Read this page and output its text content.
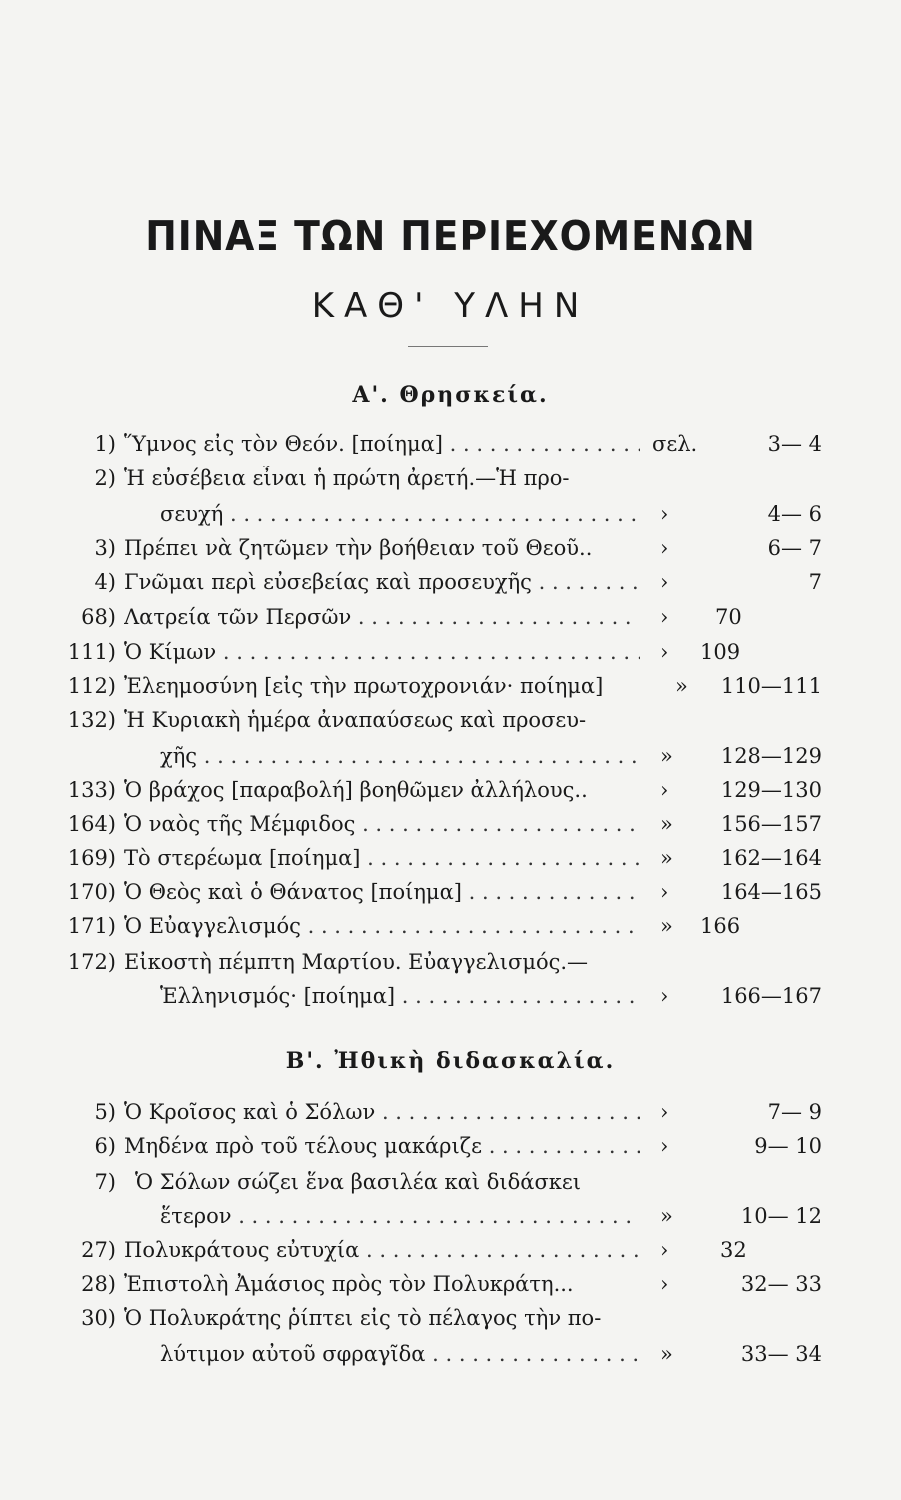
ΠΙΝΑΞ ΤΩΝ ΠΕΡΙΕΧΟΜΕΝΩΝ
ΚΑΘ' ΥΛΗΝ
Α'. Θρησκεία.
1) Ὕμνος εἰς τὸν Θεόν. [ποίημα] . . .	σελ.	3— 4
2) Ἡ εὐσέβεια εἶναι ἡ πρώτη ἀρετή.—Ἡ προ-
σευχή . . .	›	4— 6
3) Πρέπει νὰ ζητῶμεν τὴν βοήθειαν τοῦ Θεοῦ..	›	6— 7
4) Γνῶμαι περὶ εὐσεβείας καὶ προσευχῆς . . .	›	7
68) Λατρεία τῶν Περσῶν . . .	› 70
111) Ὁ Κίμων . . .	› 109
112) Ἐλεημοσύνη [εἰς τὴν πρωτοχρονιάν· ποίημα]	»	110—111
132) Ἡ Κυριακὴ ἡμέρα ἀναπαύσεως καὶ προσευ-
χῆς . . .	»	128—129
133) Ὁ βράχος [παραβολή] βοηθῶμεν ἀλλήλους..	›	129—130
164) Ὁ ναὸς τῆς Μέμφιδος . . .	»	156—157
169) Τὸ στερέωμα [ποίημα] . . .	»	162—164
170) Ὁ Θεὸς καὶ ὁ Θάνατος [ποίημα] . . .	›	164—165
171) Ὁ Εὐαγγελισμός . . .	» 166
172) Εἰκοστὴ πέμπτη Μαρτίου. Εὐαγγελισμός.—
Ἑλληνισμός· [ποίημα] . . .	›	166—167
Β'. Ἠθικὴ διδασκαλία.
5) Ὁ Κροῖσος καὶ ὁ Σόλων . . .	›	7— 9
6) Μηδένα πρὸ τοῦ τέλους μακάριζε . . .	›	9— 10
7) Ὁ Σόλων σώζει ἕνα βασιλέα καὶ διδάσκει
ἕτερον . . .	»	10— 12
27) Πολυκράτους εὐτυχία . . .	› 32
28) Ἐπιστολὴ Ἀμάσιος πρὸς τὸν Πολυκράτη...	›	32— 33
30) Ὁ Πολυκράτης ῥίπτει εἰς τὸ πέλαγος τὴν πο-
λύτιμον αὐτοῦ σφραγῖδα . . .	»	33— 34
